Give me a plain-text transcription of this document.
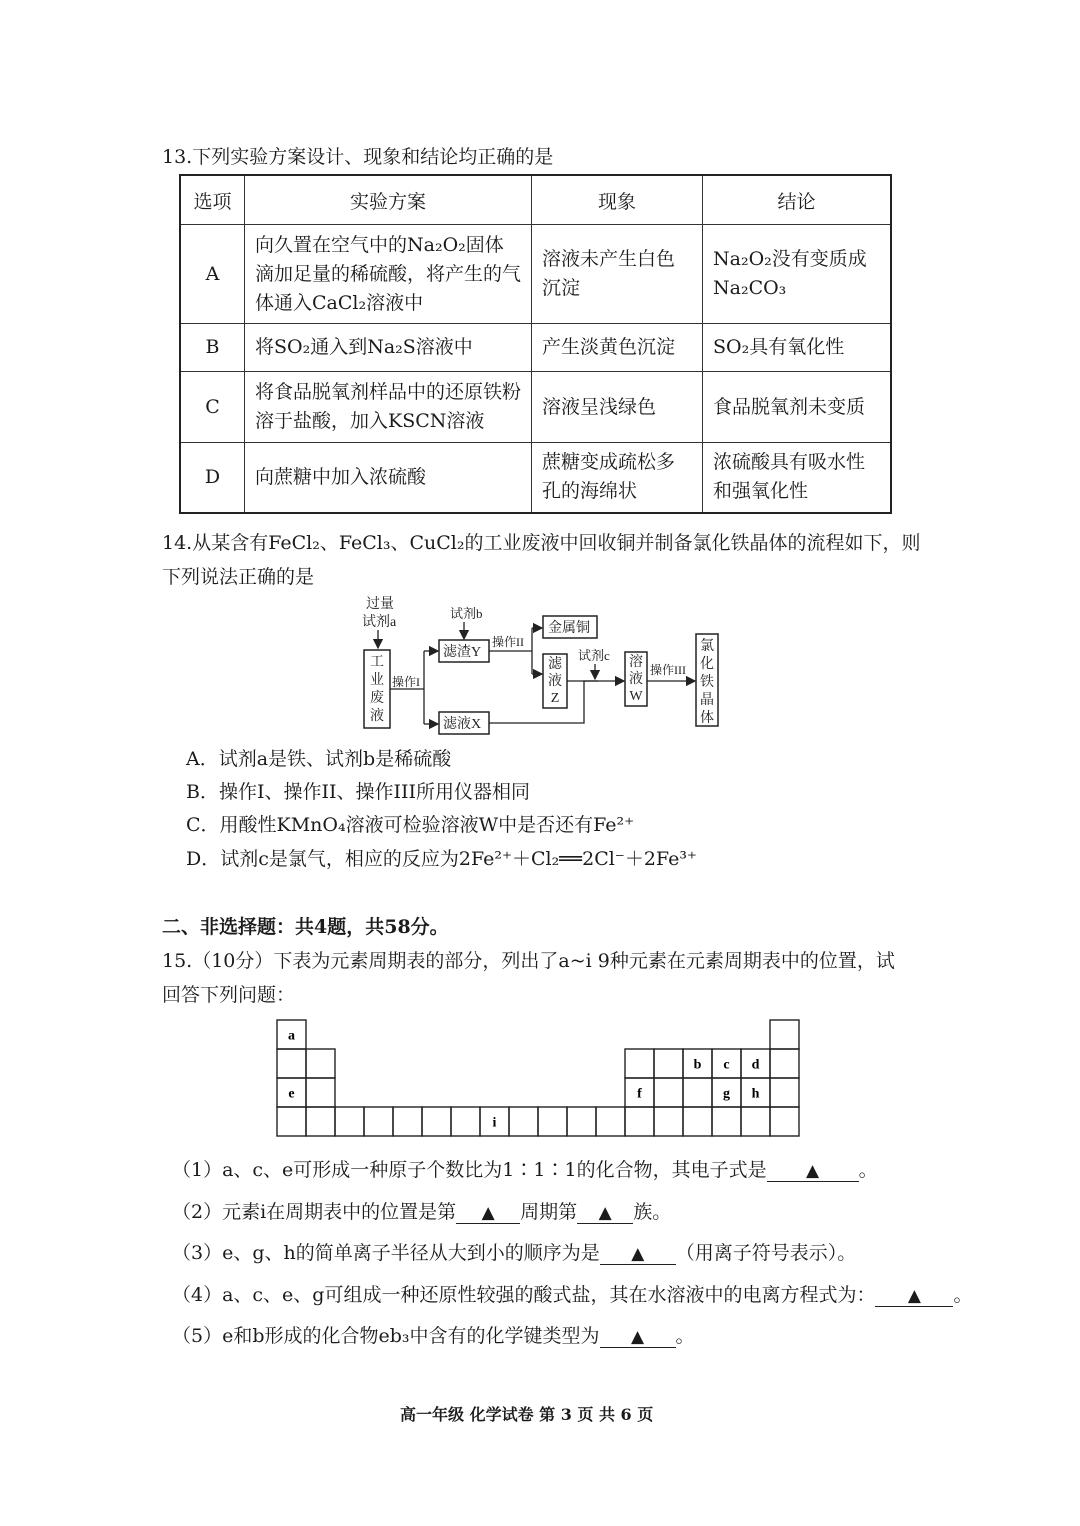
13.下列实验方案设计、现象和结论均正确的是
选项	实验方案	现象	结论
A	向久置在空气中的Na₂O₂固体滴加足量的稀硫酸，将产生的气体通入CaCl₂溶液中	溶液未产生白色沉淀	Na₂O₂没有变质成Na₂CO₃
B	将SO₂通入到Na₂S溶液中	产生淡黄色沉淀	SO₂具有氧化性
C	将食品脱氧剂样品中的还原铁粉溶于盐酸，加入KSCN溶液	溶液呈浅绿色	食品脱氧剂未变质
D	向蔗糖中加入浓硫酸	蔗糖变成疏松多孔的海绵状	浓硫酸具有吸水性和强氧化性
14.从某含有FeCl₂、FeCl₃、CuCl₂的工业废液中回收铜并制备氯化铁晶体的流程如下，则
下列说法正确的是
过量
试剂a
工
业
废
液
操作I
试剂b
滤渣Y
操作II
金属铜
滤
液
Z
滤液X
试剂c 溶
液
W
操作III
氯
化
铁
晶
体
A．试剂a是铁、试剂b是稀硫酸
B．操作I、操作II、操作III所用仪器相同
C．用酸性KMnO₄溶液可检验溶液W中是否还有Fe²⁺
D．试剂c是氯气，相应的反应为2Fe²⁺＋Cl₂══2Cl⁻＋2Fe³⁺
二、非选择题：共4题，共58分。
15.（10分）下表为元素周期表的部分，列出了a~i 9种元素在元素周期表中的位置，试
回答下列问题：
a
b c d
e	f	g h
i
（1）a、c、e可形成一种原子个数比为1∶1∶1的化合物，其电子式是 ▲ 。
（2）元素i在周期表中的位置是第 ▲ 周期第 ▲ 族。
（3）e、g、h的简单离子半径从大到小的顺序为是 ▲ （用离子符号表示）。
（4）a、c、e、g可组成一种还原性较强的酸式盐，其在水溶液中的电离方程式为： ▲ 。
（5）e和b形成的化合物eb₃中含有的化学键类型为 ▲ 。
高一年级 化学试卷 第 3 页 共 6 页
